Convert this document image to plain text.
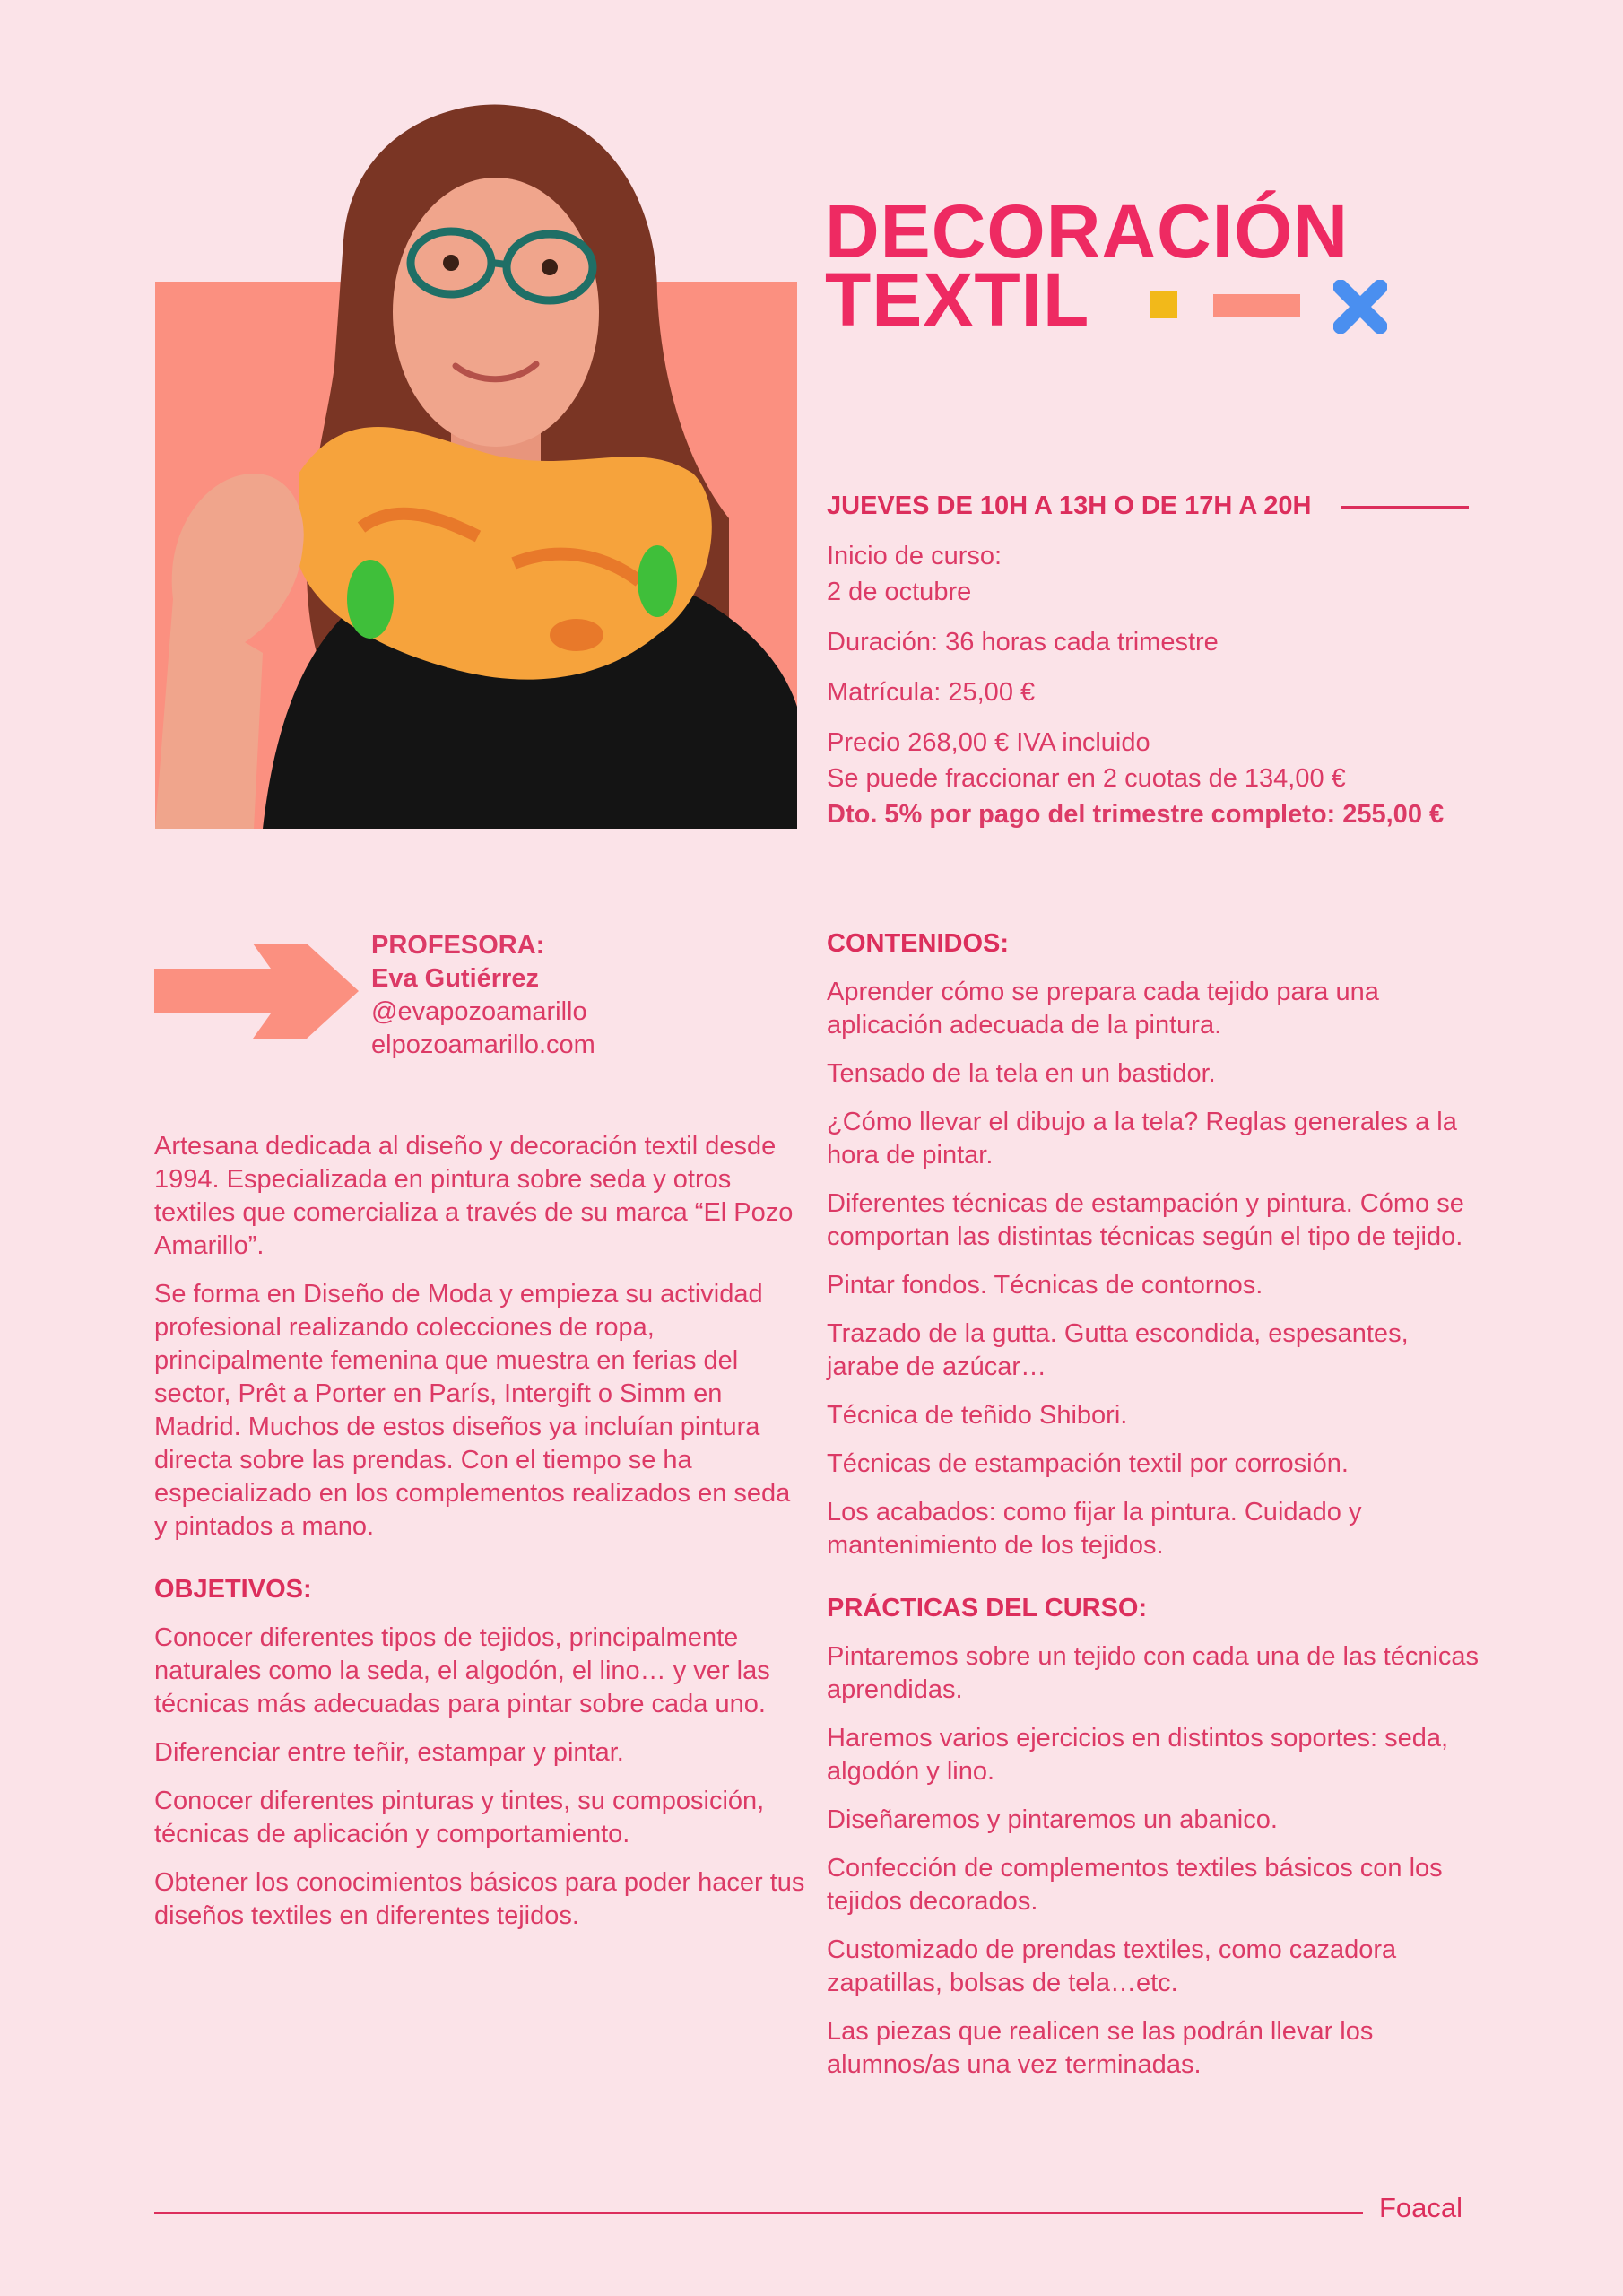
DECORACIÓN
TEXTIL
JUEVES DE 10H A 13H O DE 17H A 20H

Inicio de curso:

2 de octubre

Duración: 36 horas cada trimestre

Matrícula: 25,00 €

Precio 268,00 € IVA incluido

Se puede fraccionar en 2 cuotas de 134,00 €

Dto. 5% por pago del trimestre completo: 255,00 €

PROFESORA:
Eva Gutiérrez
@evapozoamarillo
elpozoamarillo.com

Artesana dedicada al diseño y decoración textil desde 1994. Especializada en pintura sobre seda y otros textiles que comercializa a través de su marca “El Pozo Amarillo”.

Se forma en Diseño de Moda y empieza su actividad profesional realizando colecciones de ropa, principalmente femenina que muestra en ferias del sector, Prêt a Porter en París, Intergift o Simm en Madrid. Muchos de estos diseños ya incluían pintura directa sobre las prendas. Con el tiempo se ha especializado en los complementos realizados en seda y pintados a mano.

OBJETIVOS:

Conocer diferentes tipos de tejidos, principalmente naturales como la seda, el algodón, el lino… y ver las técnicas más adecuadas para pintar sobre cada uno.

Diferenciar entre teñir, estampar y pintar.

Conocer diferentes pinturas y tintes, su composición, técnicas de aplicación y comportamiento.

Obtener los conocimientos básicos para poder hacer tus diseños textiles en diferentes tejidos.

CONTENIDOS:

Aprender cómo se prepara cada tejido para una aplicación adecuada de la pintura.

Tensado de la tela en un bastidor.

¿Cómo llevar el dibujo a la tela? Reglas generales a la hora de pintar.

Diferentes técnicas de estampación y pintura. Cómo se comportan las distintas técnicas según el tipo de tejido.

Pintar fondos. Técnicas de contornos.

Trazado de la gutta. Gutta escondida, espesantes, jarabe de azúcar…

Técnica de teñido Shibori.

Técnicas de estampación textil por corrosión.

Los acabados: como fijar la pintura. Cuidado y mantenimiento de los tejidos.

PRÁCTICAS DEL CURSO:

Pintaremos sobre un tejido con cada una de las técnicas aprendidas.

Haremos varios ejercicios en distintos soportes: seda, algodón y lino.

Diseñaremos y pintaremos un abanico.

Confección de complementos textiles básicos con los tejidos decorados.

Customizado de prendas textiles, como cazadora zapatillas, bolsas de tela…etc.

Las piezas que realicen se las podrán llevar los alumnos/as una vez terminadas.

Foacal
